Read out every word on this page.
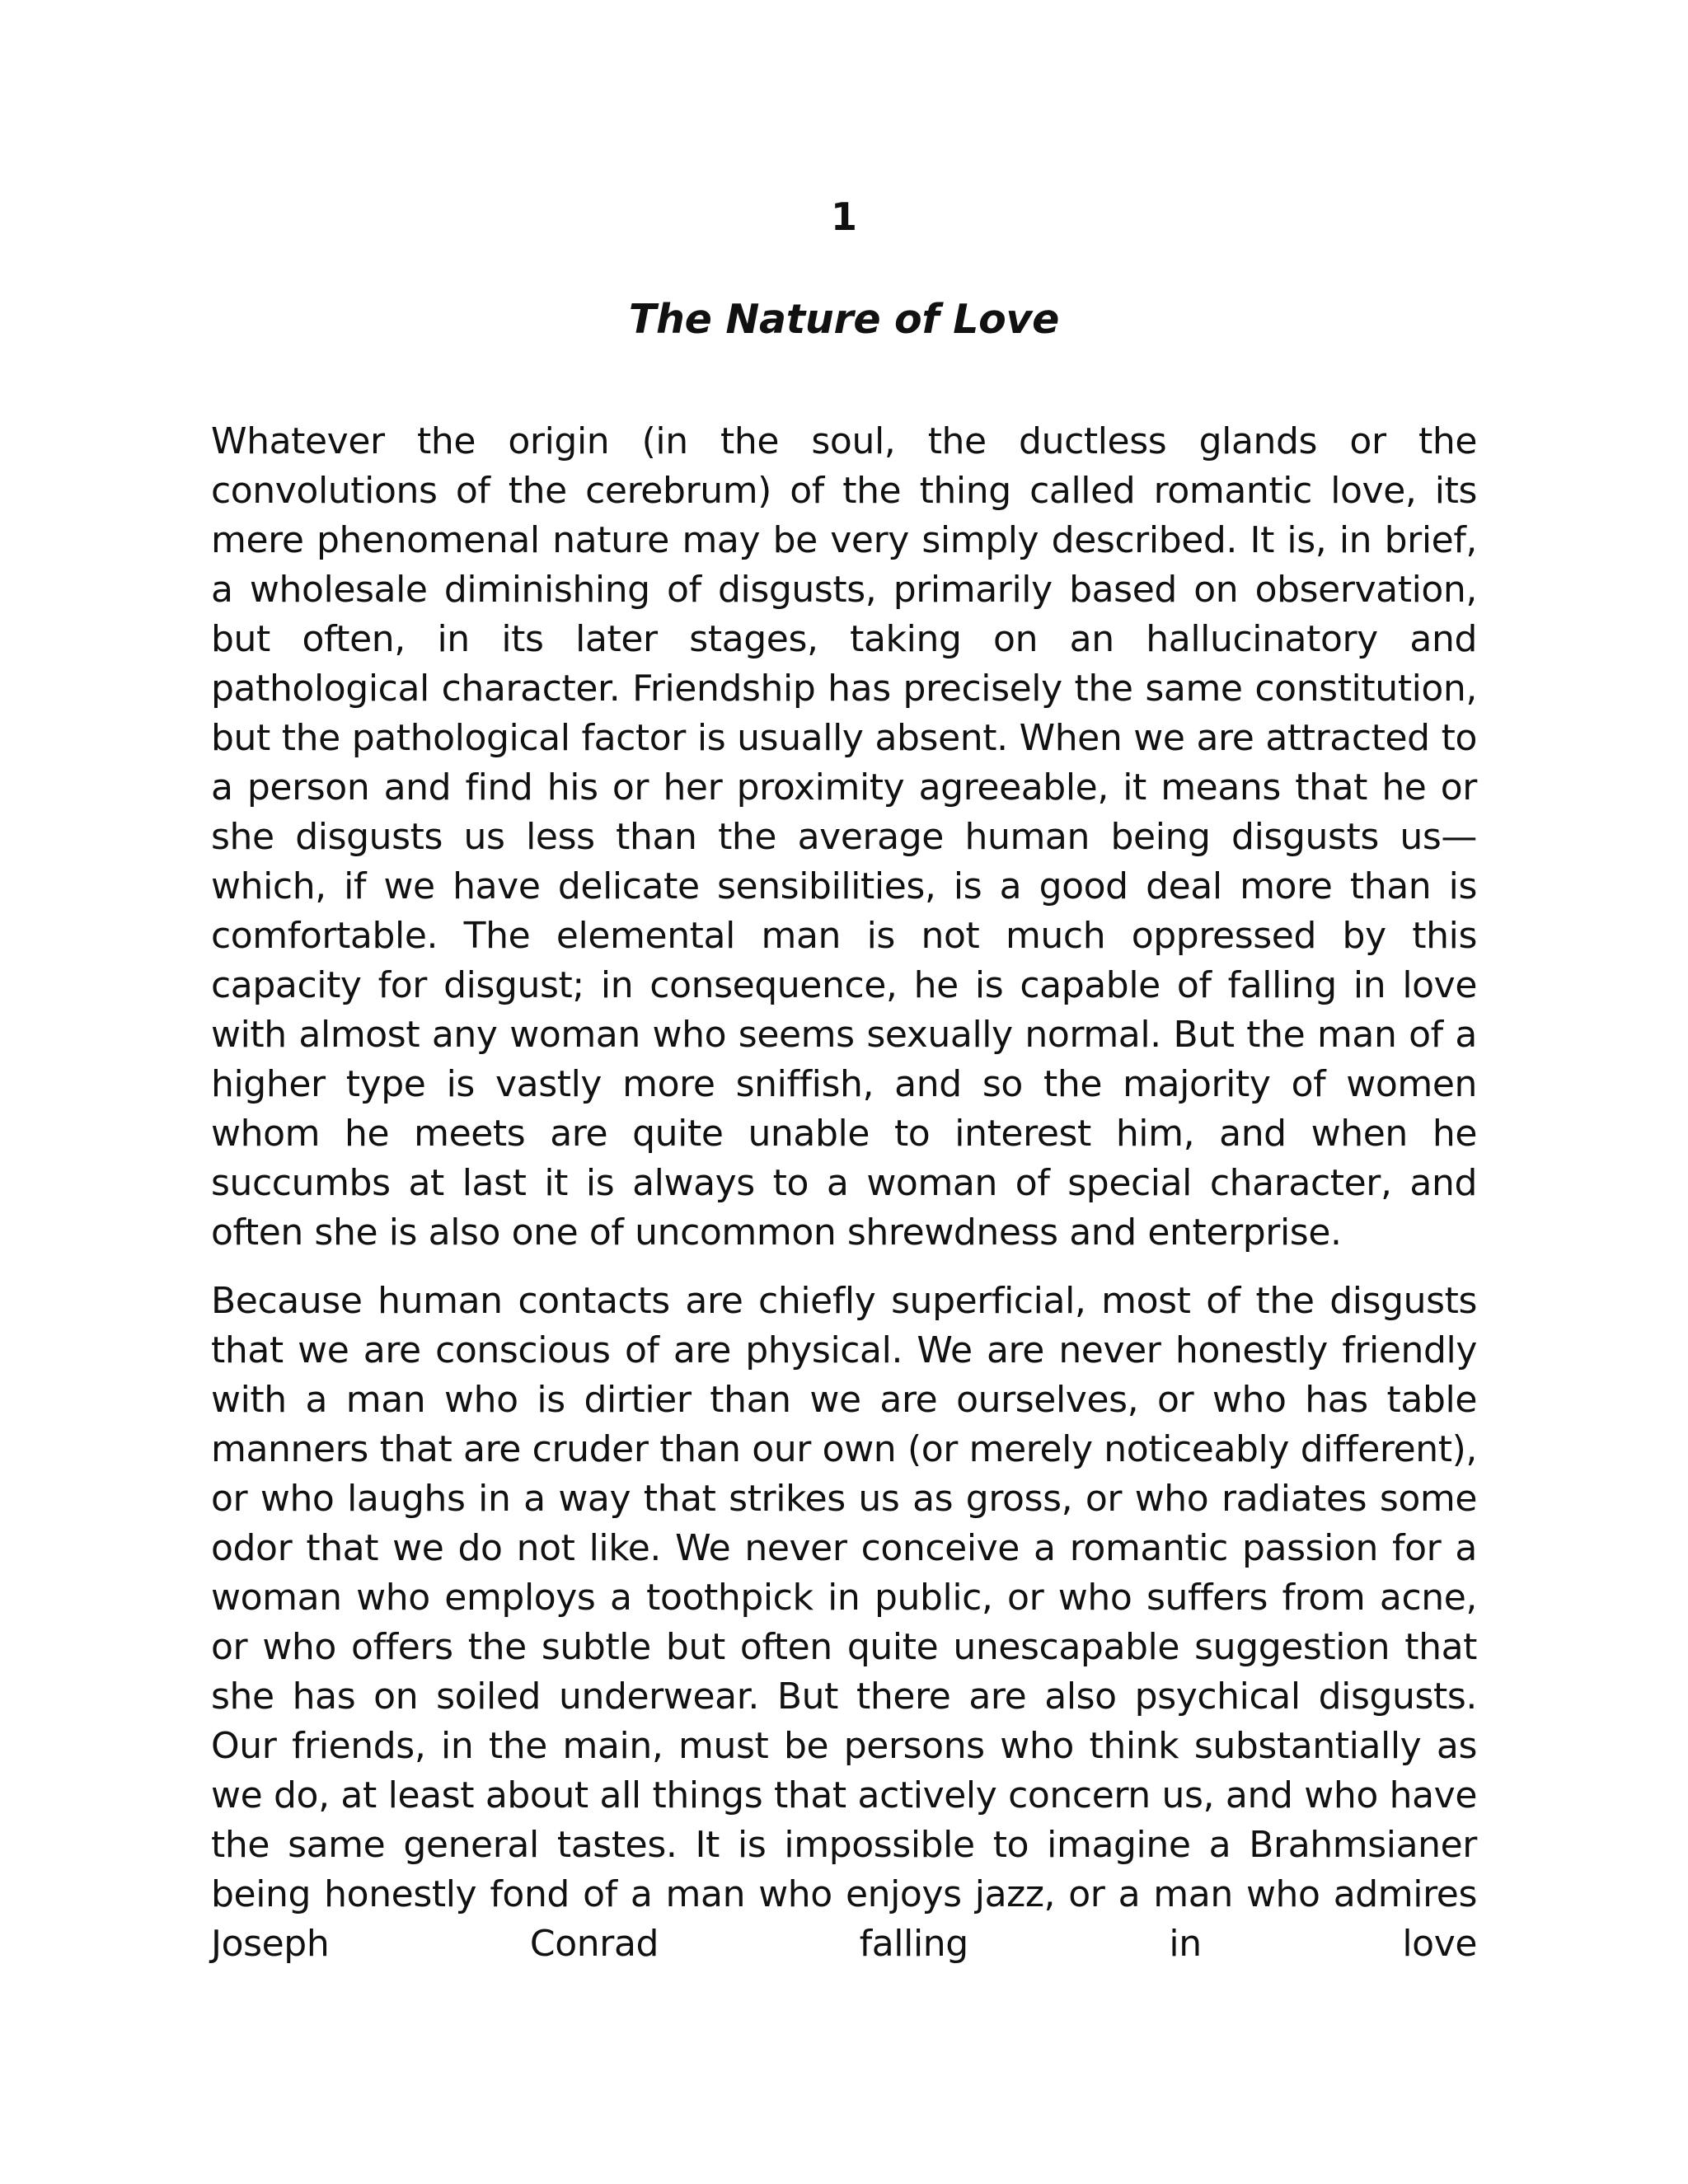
1
The Nature of Love

Whatever the origin (in the soul, the ductless glands or the convolutions of the cerebrum) of the thing called romantic love, its mere phenomenal nature may be very simply described. It is, in brief, a wholesale diminishing of disgusts, primarily based on observation, but often, in its later stages, taking on an hallucinatory and pathological character. Friendship has precisely the same constitution, but the pathological factor is usually absent. When we are attracted to a person and find his or her proximity agreeable, it means that he or she disgusts us less than the average human being disgusts us—which, if we have delicate sensibilities, is a good deal more than is comfortable. The elemental man is not much oppressed by this capacity for disgust; in consequence, he is capable of falling in love with almost any woman who seems sexually normal. But the man of a higher type is vastly more sniffish, and so the majority of women whom he meets are quite unable to interest him, and when he succumbs at last it is always to a woman of special character, and often she is also one of uncommon shrewdness and enterprise.

Because human contacts are chiefly superficial, most of the disgusts that we are conscious of are physical. We are never honestly friendly with a man who is dirtier than we are ourselves, or who has table manners that are cruder than our own (or merely noticeably different), or who laughs in a way that strikes us as gross, or who radiates some odor that we do not like. We never conceive a romantic passion for a woman who employs a toothpick in public, or who suffers from acne, or who offers the subtle but often quite unescapable suggestion that she has on soiled underwear. But there are also psychical disgusts. Our friends, in the main, must be persons who think substantially as we do, at least about all things that actively concern us, and who have the same general tastes. It is impossible to imagine a Brahmsianer being honestly fond of a man who enjoys jazz, or a man who admires Joseph Conrad falling in love
